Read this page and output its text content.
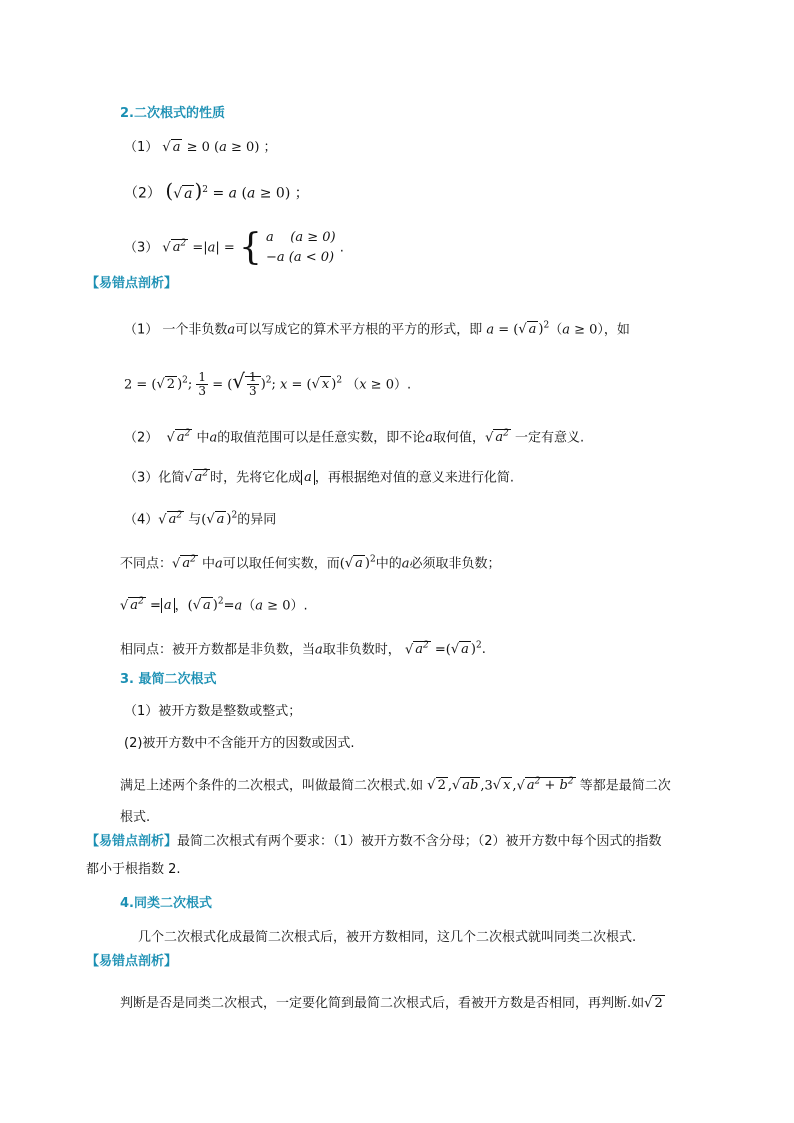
2.二次根式的性质
（1） √ a ≥ 0 (a ≥ 0) ；
（2） (√ a )$^2$ = a (a ≥ 0) ；
（3） √ $a^2 =|a|$ = { a    (a ≥ 0)
−a (a < 0)
.
【易错点剖析】
（1） 一个非负数a可以写成它的算术平方根的平方的形式，即 a = (√ a )$^2$（a ≥ 0），如
2 = (√ 2 )$^2$; $\frac{1}{3}$ = (√ $\frac{1}{3} )^2$; x = (√ x )$^2$ （x ≥ 0）.
（2） √ $a^2$ 中a的取值范围可以是任意实数，即不论a取何值，√ $a^2$ 一定有意义.
（3）化简√ $a^2$ 时，先将它化成 a ，再根据绝对值的意义来进行化简.
（4）√ $a^2$ 与(√ a )$^2$的异同
不同点：√ $a^2$ 中a可以取任何实数，而(√ a )$^2$中的a必须取非负数；
√ $a^2 = a$ ，(√ a )$^2$=a（a ≥ 0）.
相同点：被开方数都是非负数，当a取非负数时， √ $a^2$ =(√ a )$^2$.
3. 最简二次根式
（1）被开方数是整数或整式；
(2)被开方数中不含能开方的因数或因式.
满足上述两个条件的二次根式，叫做最简二次根式.如 √ 2 ,√ ab ,3√ x ,√ $a^2 + b^2$ 等都是最简二次
根式.
【易错点剖析】最简二次根式有两个要求：（1）被开方数不含分母；（2）被开方数中每个因式的指数
都小于根指数 2.
4.同类二次根式
几个二次根式化成最简二次根式后，被开方数相同，这几个二次根式就叫同类二次根式.
【易错点剖析】
判断是否是同类二次根式，一定要化简到最简二次根式后，看被开方数是否相同，再判断.如√ 2
